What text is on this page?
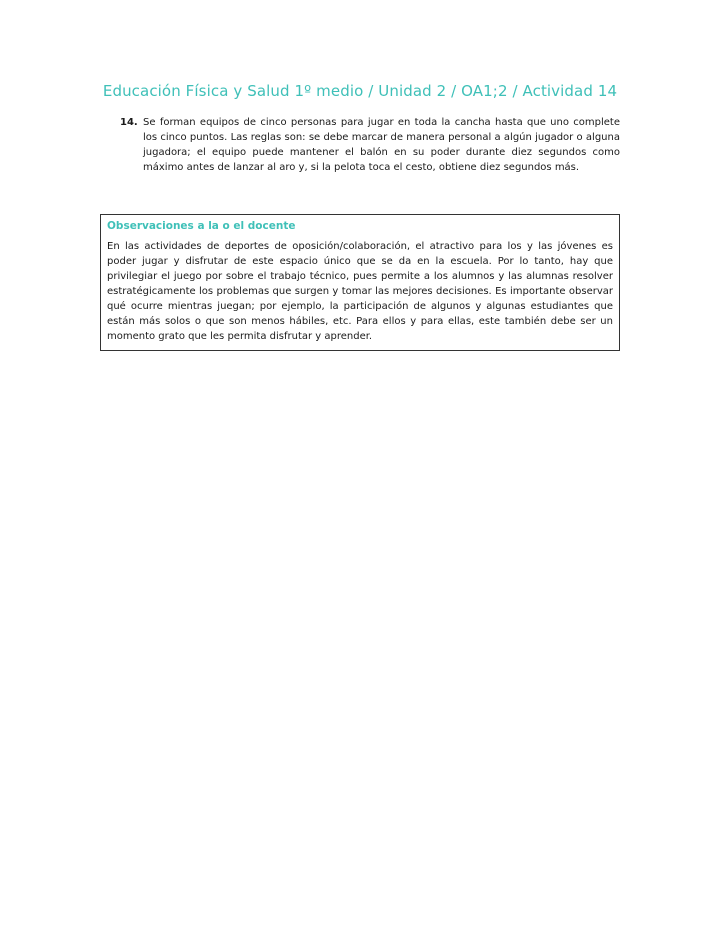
Educación Física y Salud 1º medio / Unidad 2 / OA1;2 / Actividad 14
14. Se forman equipos de cinco personas para jugar en toda la cancha hasta que uno complete los cinco puntos. Las reglas son: se debe marcar de manera personal a algún jugador o alguna jugadora; el equipo puede mantener el balón en su poder durante diez segundos como máximo antes de lanzar al aro y, si la pelota toca el cesto, obtiene diez segundos más.
Observaciones a la o el docente
En las actividades de deportes de oposición/colaboración, el atractivo para los y las jóvenes es poder jugar y disfrutar de este espacio único que se da en la escuela. Por lo tanto, hay que privilegiar el juego por sobre el trabajo técnico, pues permite a los alumnos y las alumnas resolver estratégicamente los problemas que surgen y tomar las mejores decisiones. Es importante observar qué ocurre mientras juegan; por ejemplo, la participación de algunos y algunas estudiantes que están más solos o que son menos hábiles, etc. Para ellos y para ellas, este también debe ser un momento grato que les permita disfrutar y aprender.
